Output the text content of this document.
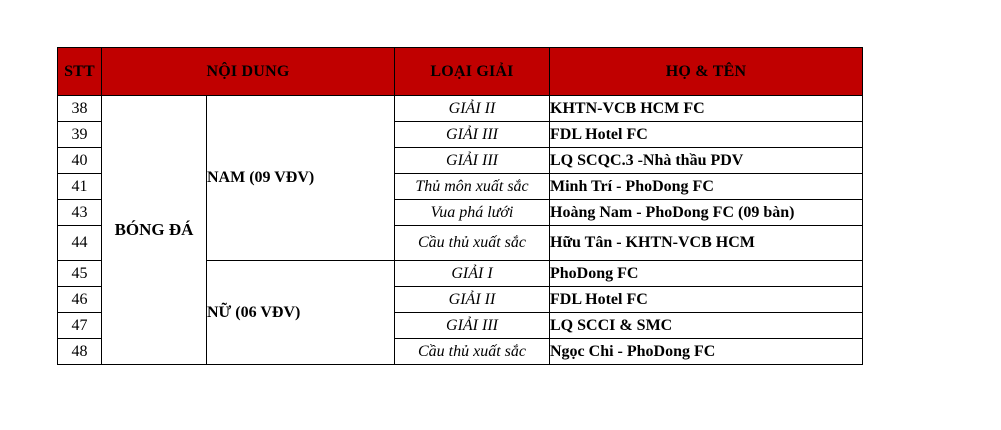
STT	NỘI DUNG		LOẠI GIẢI	HỌ & TÊN
38	BÓNG ĐÁ	NAM (09 VĐV)	GIẢI II	KHTN-VCB HCM FC
39			GIẢI III	FDL Hotel FC
40			GIẢI III	LQ SCQC.3 -Nhà thầu PDV
41			Thủ môn xuất sắc	Minh Trí - PhoDong FC
43			Vua phá lưới	Hoàng Nam - PhoDong FC (09 bàn)
44			Cầu thủ xuất sắc	Hữu Tân - KHTN-VCB HCM
45		NỮ (06 VĐV)	GIẢI I	PhoDong FC
46			GIẢI II	FDL Hotel FC
47			GIẢI III	LQ SCCI & SMC
48			Cầu thủ xuất sắc	Ngọc Chi - PhoDong FC
